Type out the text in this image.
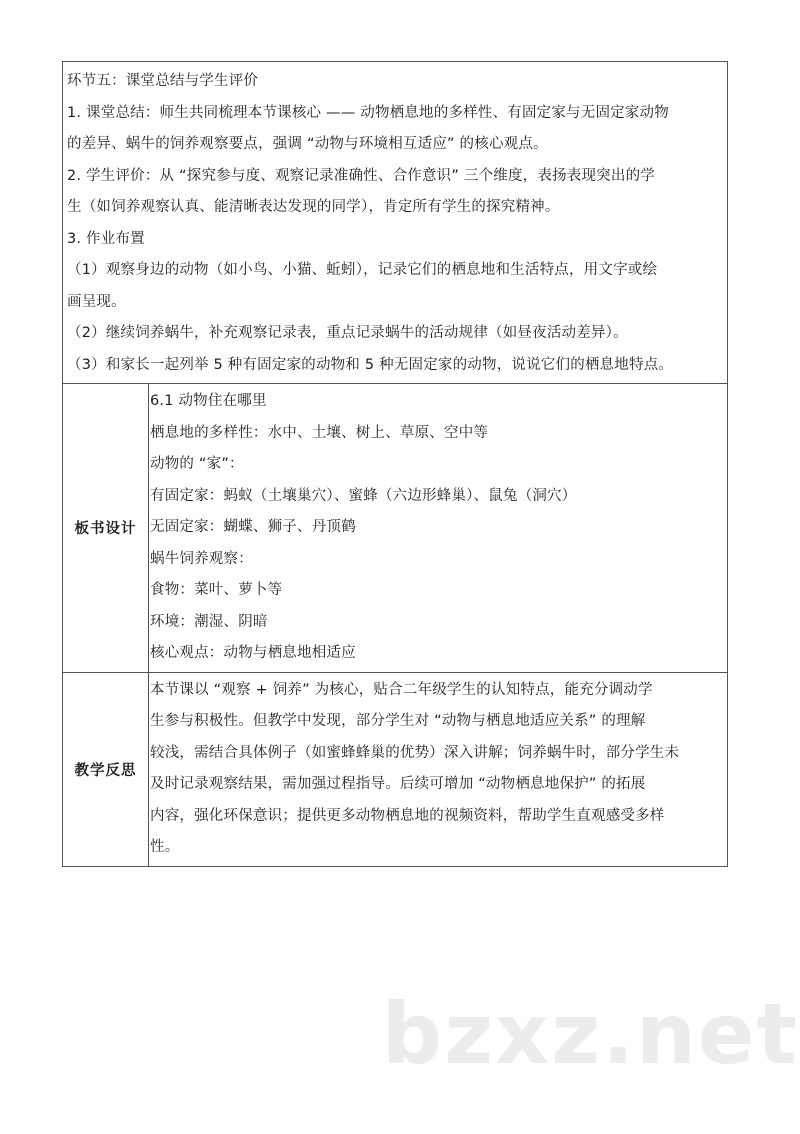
环节五：课堂总结与学生评价
1. 课堂总结：师生共同梳理本节课核心 —— 动物栖息地的多样性、有固定家与无固定家动物
的差异、蜗牛的饲养观察要点，强调 “动物与环境相互适应” 的核心观点。
2. 学生评价：从 “探究参与度、观察记录准确性、合作意识” 三个维度，表扬表现突出的学
生（如饲养观察认真、能清晰表达发现的同学），肯定所有学生的探究精神。
3. 作业布置
（1）观察身边的动物（如小鸟、小猫、蚯蚓），记录它们的栖息地和生活特点，用文字或绘
画呈现。
（2）继续饲养蜗牛，补充观察记录表，重点记录蜗牛的活动规律（如昼夜活动差异）。
（3）和家长一起列举 5 种有固定家的动物和 5 种无固定家的动物，说说它们的栖息地特点。
板书设计
6.1 动物住在哪里
栖息地的多样性：水中、土壤、树上、草原、空中等
动物的 “家”：
有固定家：蚂蚁（土壤巢穴）、蜜蜂（六边形蜂巢）、鼠兔（洞穴）
无固定家：蝴蝶、狮子、丹顶鹤
蜗牛饲养观察：
食物：菜叶、萝卜等
环境：潮湿、阴暗
核心观点：动物与栖息地相适应
教学反思
本节课以 “观察 + 饲养” 为核心，贴合二年级学生的认知特点，能充分调动学
生参与积极性。但教学中发现，部分学生对 “动物与栖息地适应关系” 的理解
较浅，需结合具体例子（如蜜蜂蜂巢的优势）深入讲解；饲养蜗牛时，部分学生未
及时记录观察结果，需加强过程指导。后续可增加 “动物栖息地保护” 的拓展
内容，强化环保意识；提供更多动物栖息地的视频资料，帮助学生直观感受多样
性。
bzxz.net
